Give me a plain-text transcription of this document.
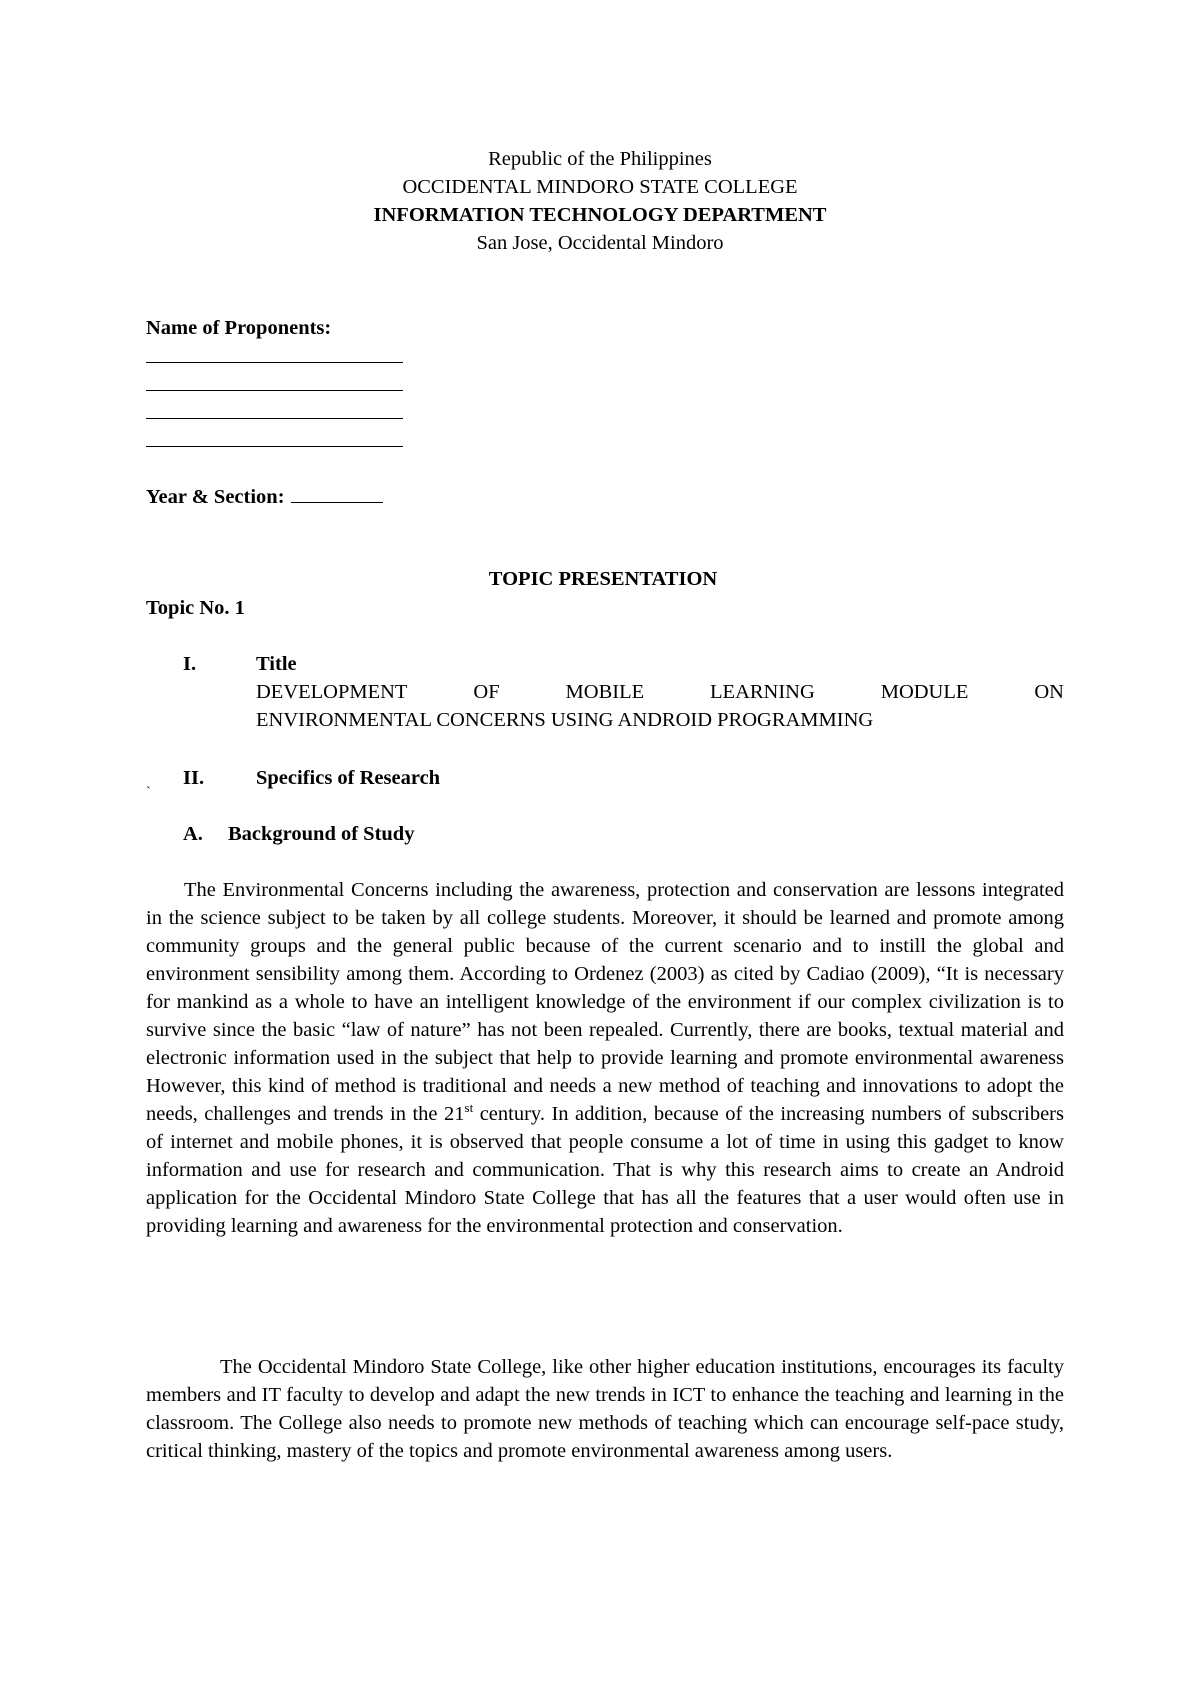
Republic of the Philippines
OCCIDENTAL MINDORO STATE COLLEGE
INFORMATION TECHNOLOGY DEPARTMENT
San Jose, Occidental Mindoro
Name of Proponents:
Year & Section:
TOPIC PRESENTATION
Topic No. 1
I.	Title
DEVELOPMENT	OF	MOBILE	LEARNING	MODULE	ON
ENVIRONMENTAL CONCERNS USING ANDROID PROGRAMMING
II.	Specifics of Research
`
A. Background of Study
The Environmental Concerns including the awareness, protection and conservation are lessons integrated in the science subject to be taken by all college students. Moreover, it should be learned and promote among community groups and the general public because of the current scenario and to instill the global and environment sensibility among them. According to Ordenez (2003) as cited by Cadiao (2009), “It is necessary for mankind as a whole to have an intelligent knowledge of the environment if our complex civilization is to survive since the basic “law of nature” has not been repealed. Currently, there are books, textual material and electronic information used in the subject that help to provide learning and promote environmental awareness However, this kind of method is traditional and needs a new method of teaching and innovations to adopt the needs, challenges and trends in the 21st century. In addition, because of the increasing numbers of subscribers of internet and mobile phones, it is observed that people consume a lot of time in using this gadget to know information and use for research and communication. That is why this research aims to create an Android application for the Occidental Mindoro State College that has all the features that a user would often use in providing learning and awareness for the environmental protection and conservation.
The Occidental Mindoro State College, like other higher education institutions, encourages its faculty members and IT faculty to develop and adapt the new trends in ICT to enhance the teaching and learning in the classroom. The College also needs to promote new methods of teaching which can encourage self-pace study, critical thinking, mastery of the topics and promote environmental awareness among users.
